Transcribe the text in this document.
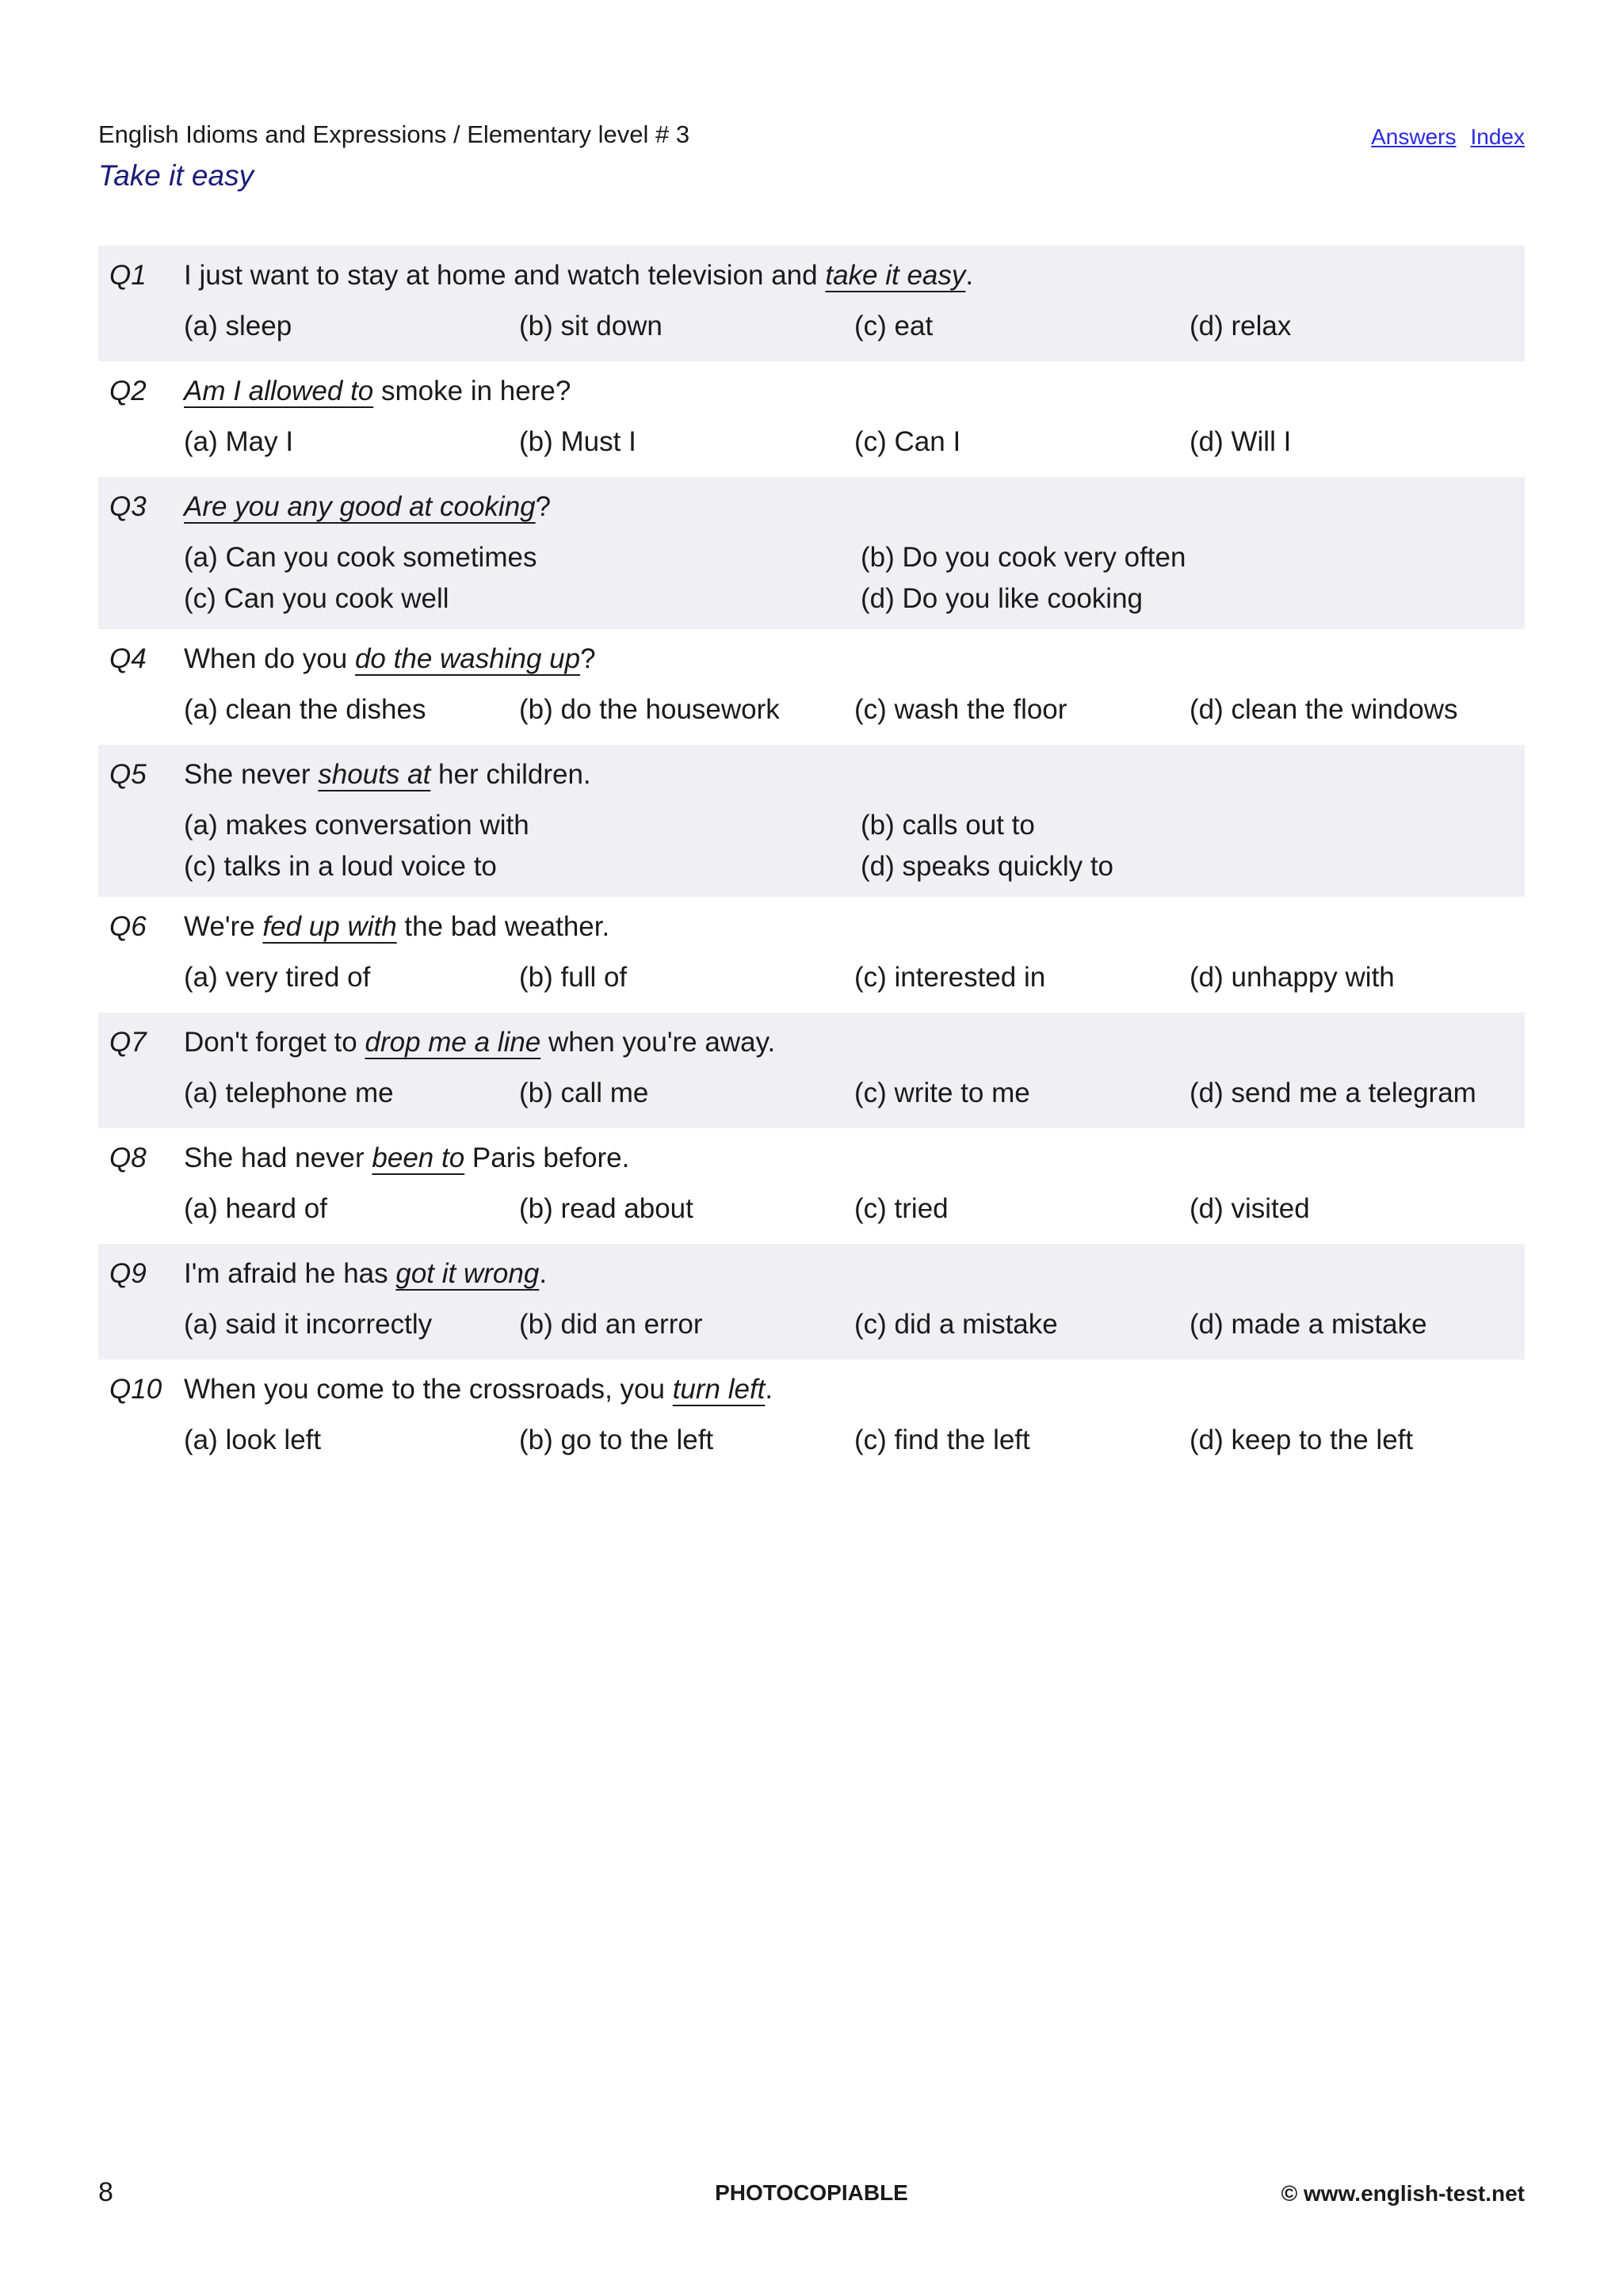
English Idioms and Expressions / Elementary level # 3
Take it easy
Answers Index
Q1	I just want to stay at home and watch television and take it easy.
(a) sleep	(b) sit down	(c) eat	(d) relax
Q2	Am I allowed to smoke in here?
(a) May I	(b) Must I	(c) Can I	(d) Will I
Q3	Are you any good at cooking?
(a) Can you cook sometimes	(b) Do you cook very often
(c) Can you cook well	(d) Do you like cooking
Q4	When do you do the washing up?
(a) clean the dishes	(b) do the housework	(c) wash the floor	(d) clean the windows
Q5	She never shouts at her children.
(a) makes conversation with	(b) calls out to
(c) talks in a loud voice to	(d) speaks quickly to
Q6	We're fed up with the bad weather.
(a) very tired of	(b) full of	(c) interested in	(d) unhappy with
Q7	Don't forget to drop me a line when you're away.
(a) telephone me	(b) call me	(c) write to me	(d) send me a telegram
Q8	She had never been to Paris before.
(a) heard of	(b) read about	(c) tried	(d) visited
Q9	I'm afraid he has got it wrong.
(a) said it incorrectly	(b) did an error	(c) did a mistake	(d) made a mistake
Q10 When you come to the crossroads, you turn left.
(a) look left	(b) go to the left	(c) find the left	(d) keep to the left
8	PHOTOCOPIABLE	© www.english-test.net
